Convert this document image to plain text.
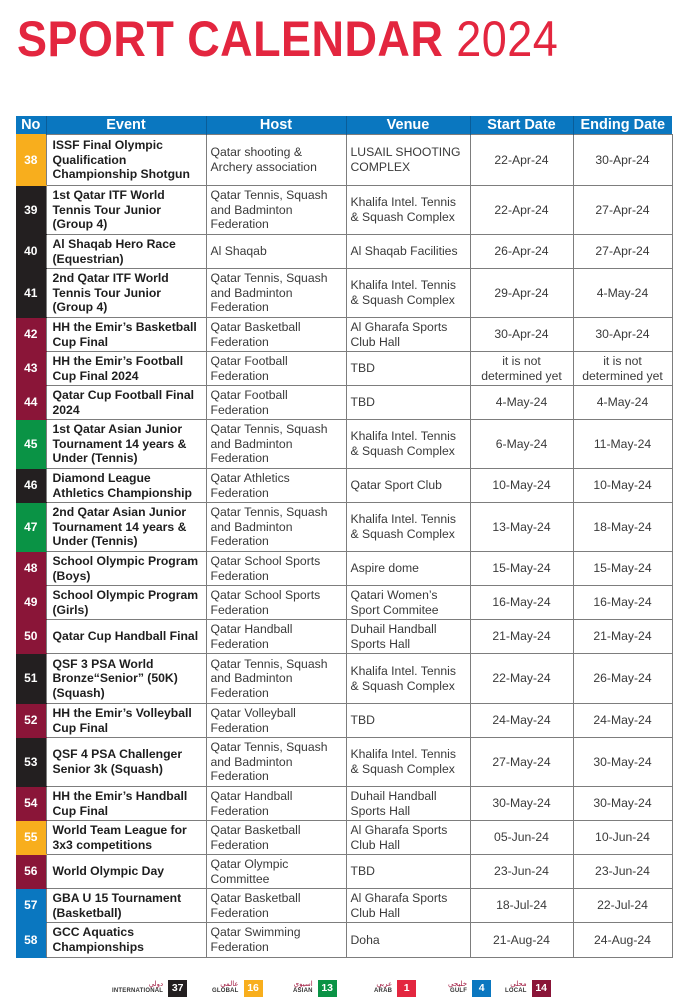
SPORT CALENDAR 2024
No	Event	Host	Venue	Start Date	Ending Date
38	ISSF Final Olympic Qualification Championship Shotgun	Qatar shooting & Archery association	LUSAIL SHOOTING COMPLEX	22-Apr-24	30-Apr-24
39	1st Qatar ITF World Tennis Tour Junior (Group 4)	Qatar Tennis, Squash and Badminton Federation	Khalifa Intel. Tennis & Squash Complex	22-Apr-24	27-Apr-24
40	Al Shaqab Hero Race (Equestrian)	Al Shaqab	Al Shaqab Facilities	26-Apr-24	27-Apr-24
41	2nd Qatar ITF World Tennis Tour Junior (Group 4)	Qatar Tennis, Squash and Badminton Federation	Khalifa Intel. Tennis & Squash Complex	29-Apr-24	4-May-24
42	HH the Emir’s Basketball Cup Final	Qatar Basketball Federation	Al Gharafa Sports Club Hall	30-Apr-24	30-Apr-24
43	HH the Emir’s Football Cup Final 2024	Qatar Football Federation	TBD	it is not determined yet	it is not determined yet
44	Qatar Cup Football Final 2024	Qatar Football Federation	TBD	4-May-24	4-May-24
45	1st Qatar Asian Junior Tournament 14 years & Under (Tennis)	Qatar Tennis, Squash and Badminton Federation	Khalifa Intel. Tennis & Squash Complex	6-May-24	11-May-24
46	Diamond League Athletics Championship	Qatar Athletics Federation	Qatar Sport Club	10-May-24	10-May-24
47	2nd Qatar Asian Junior Tournament 14 years & Under (Tennis)	Qatar Tennis, Squash and Badminton Federation	Khalifa Intel. Tennis & Squash Complex	13-May-24	18-May-24
48	School Olympic Program (Boys)	Qatar School Sports Federation	Aspire dome	15-May-24	15-May-24
49	School Olympic Program (Girls)	Qatar School Sports Federation	Qatari Women’s Sport Commitee	16-May-24	16-May-24
50	Qatar Cup Handball Final	Qatar Handball Federation	Duhail Handball Sports Hall	21-May-24	21-May-24
51	QSF 3 PSA World Bronze“Senior” (50K) (Squash)	Qatar Tennis, Squash and Badminton Federation	Khalifa Intel. Tennis & Squash Complex	22-May-24	26-May-24
52	HH the Emir’s Volleyball Cup Final	Qatar Volleyball Federation	TBD	24-May-24	24-May-24
53	QSF 4 PSA Challenger Senior 3k (Squash)	Qatar Tennis, Squash and Badminton Federation	Khalifa Intel. Tennis & Squash Complex	27-May-24	30-May-24
54	HH the Emir’s Handball Cup Final	Qatar Handball Federation	Duhail Handball Sports Hall	30-May-24	30-May-24
55	World Team League for 3x3 competitions	Qatar Basketball Federation	Al Gharafa Sports Club Hall	05-Jun-24	10-Jun-24
56	World Olympic Day	Qatar Olympic Committee	TBD	23-Jun-24	23-Jun-24
57	GBA U 15 Tournament (Basketball)	Qatar Basketball Federation	Al Gharafa Sports Club Hall	18-Jul-24	22-Jul-24
58	GCC Aquatics Championships	Qatar Swimming Federation	Doha	21-Aug-24	24-Aug-24
دولي
INTERNATIONAL 37	عالمي
GLOBAL 16	اسيوي
ASIAN 13	عربي
ARAB	1	خليجي
GULF	4	محلي
LOCAL 14
